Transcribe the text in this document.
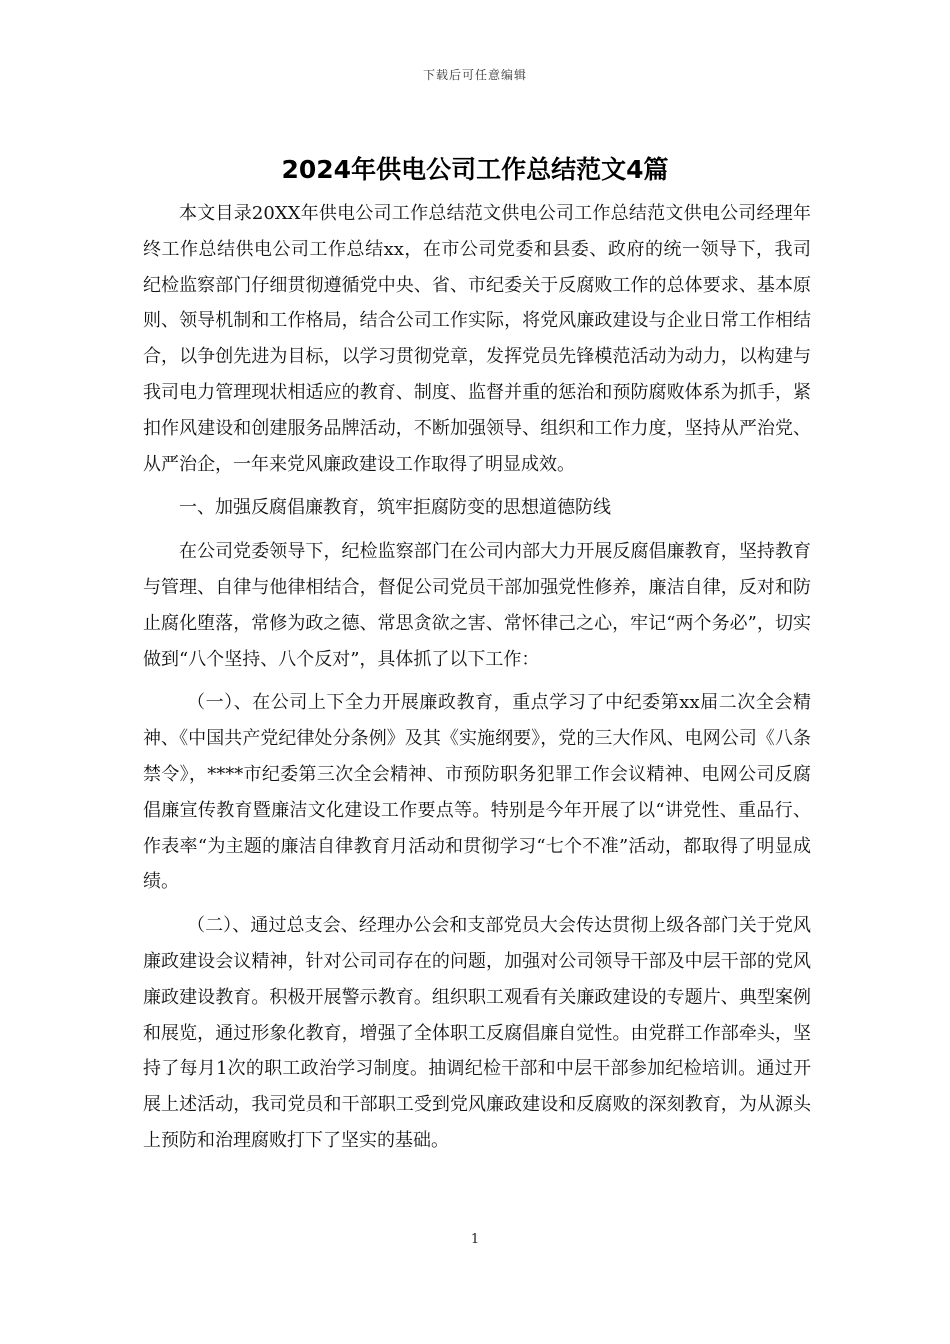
下载后可任意编辑
2024年供电公司工作总结范文4篇

本文目录20XX年供电公司工作总结范文供电公司工作总结范文供电公司经理年终工作总结供电公司工作总结xx，在市公司党委和县委、政府的统一领导下，我司纪检监察部门仔细贯彻遵循党中央、省、市纪委关于反腐败工作的总体要求、基本原则、领导机制和工作格局，结合公司工作实际，将党风廉政建设与企业日常工作相结合，以争创先进为目标，以学习贯彻党章，发挥党员先锋模范活动为动力，以构建与我司电力管理现状相适应的教育、制度、监督并重的惩治和预防腐败体系为抓手，紧扣作风建设和创建服务品牌活动，不断加强领导、组织和工作力度，坚持从严治党、从严治企，一年来党风廉政建设工作取得了明显成效。

一、加强反腐倡廉教育，筑牢拒腐防变的思想道德防线

在公司党委领导下，纪检监察部门在公司内部大力开展反腐倡廉教育，坚持教育与管理、自律与他律相结合，督促公司党员干部加强党性修养，廉洁自律，反对和防止腐化堕落，常修为政之德、常思贪欲之害、常怀律己之心，牢记“两个务必”，切实做到“八个坚持、八个反对”，具体抓了以下工作：

（一）、在公司上下全力开展廉政教育，重点学习了中纪委第xx届二次全会精神、《中国共产党纪律处分条例》及其《实施纲要》，党的三大作风、电网公司《八条禁令》，****市纪委第三次全会精神、市预防职务犯罪工作会议精神、电网公司反腐倡廉宣传教育暨廉洁文化建设工作要点等。特别是今年开展了以“讲党性、重品行、作表率“为主题的廉洁自律教育月活动和贯彻学习“七个不准”活动，都取得了明显成绩。

（二）、通过总支会、经理办公会和支部党员大会传达贯彻上级各部门关于党风廉政建设会议精神，针对公司司存在的问题，加强对公司领导干部及中层干部的党风廉政建设教育。积极开展警示教育。组织职工观看有关廉政建设的专题片、典型案例和展览，通过形象化教育，增强了全体职工反腐倡廉自觉性。由党群工作部牵头，坚持了每月1次的职工政治学习制度。抽调纪检干部和中层干部参加纪检培训。通过开展上述活动，我司党员和干部职工受到党风廉政建设和反腐败的深刻教育，为从源头上预防和治理腐败打下了坚实的基础。

1
